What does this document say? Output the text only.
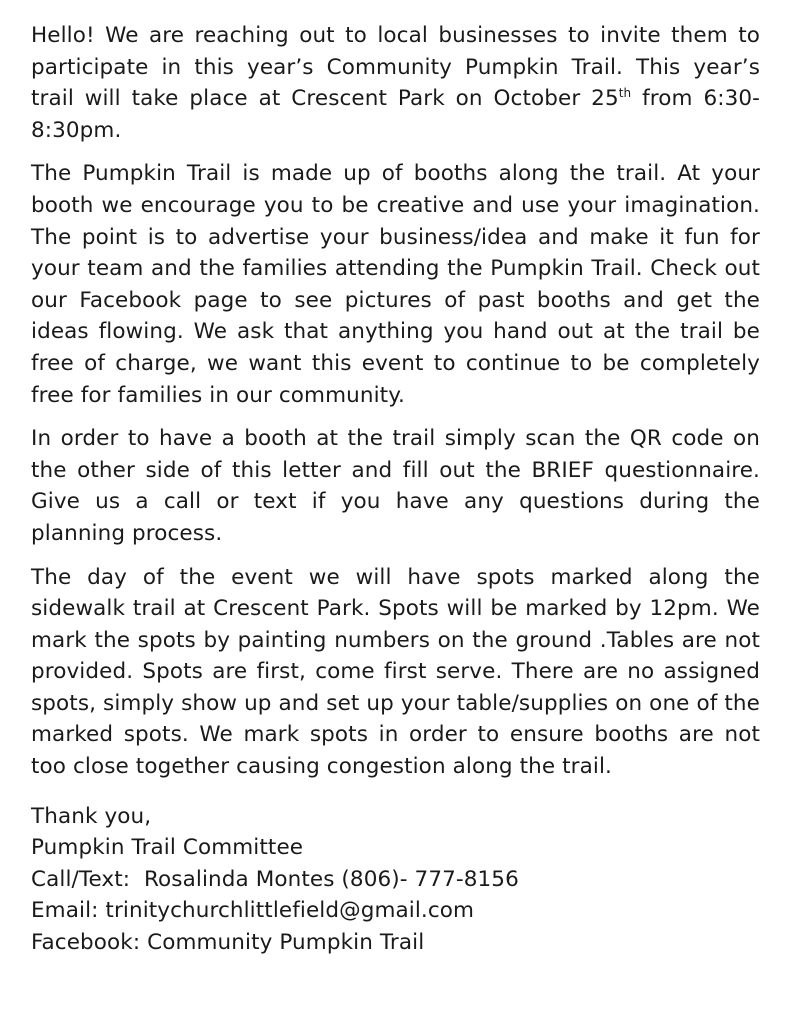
Hello! We are reaching out to local businesses to invite them to participate in this year’s Community Pumpkin Trail. This year’s trail will take place at Crescent Park on October 25th from 6:30-8:30pm.

The Pumpkin Trail is made up of booths along the trail. At your booth we encourage you to be creative and use your imagination. The point is to advertise your business/idea and make it fun for your team and the families attending the Pumpkin Trail. Check out our Facebook page to see pictures of past booths and get the ideas flowing. We ask that anything you hand out at the trail be free of charge, we want this event to continue to be completely free for families in our community.

In order to have a booth at the trail simply scan the QR code on the other side of this letter and fill out the BRIEF questionnaire. Give us a call or text if you have any questions during the planning process.

The day of the event we will have spots marked along the sidewalk trail at Crescent Park. Spots will be marked by 12pm. We mark the spots by painting numbers on the ground .Tables are not provided. Spots are first, come first serve. There are no assigned spots, simply show up and set up your table/supplies on one of the marked spots. We mark spots in order to ensure booths are not too close together causing congestion along the trail.

Thank you,
Pumpkin Trail Committee
Call/Text:  Rosalinda Montes (806)- 777-8156
Email: trinitychurchlittlefield@gmail.com
Facebook: Community Pumpkin Trail
